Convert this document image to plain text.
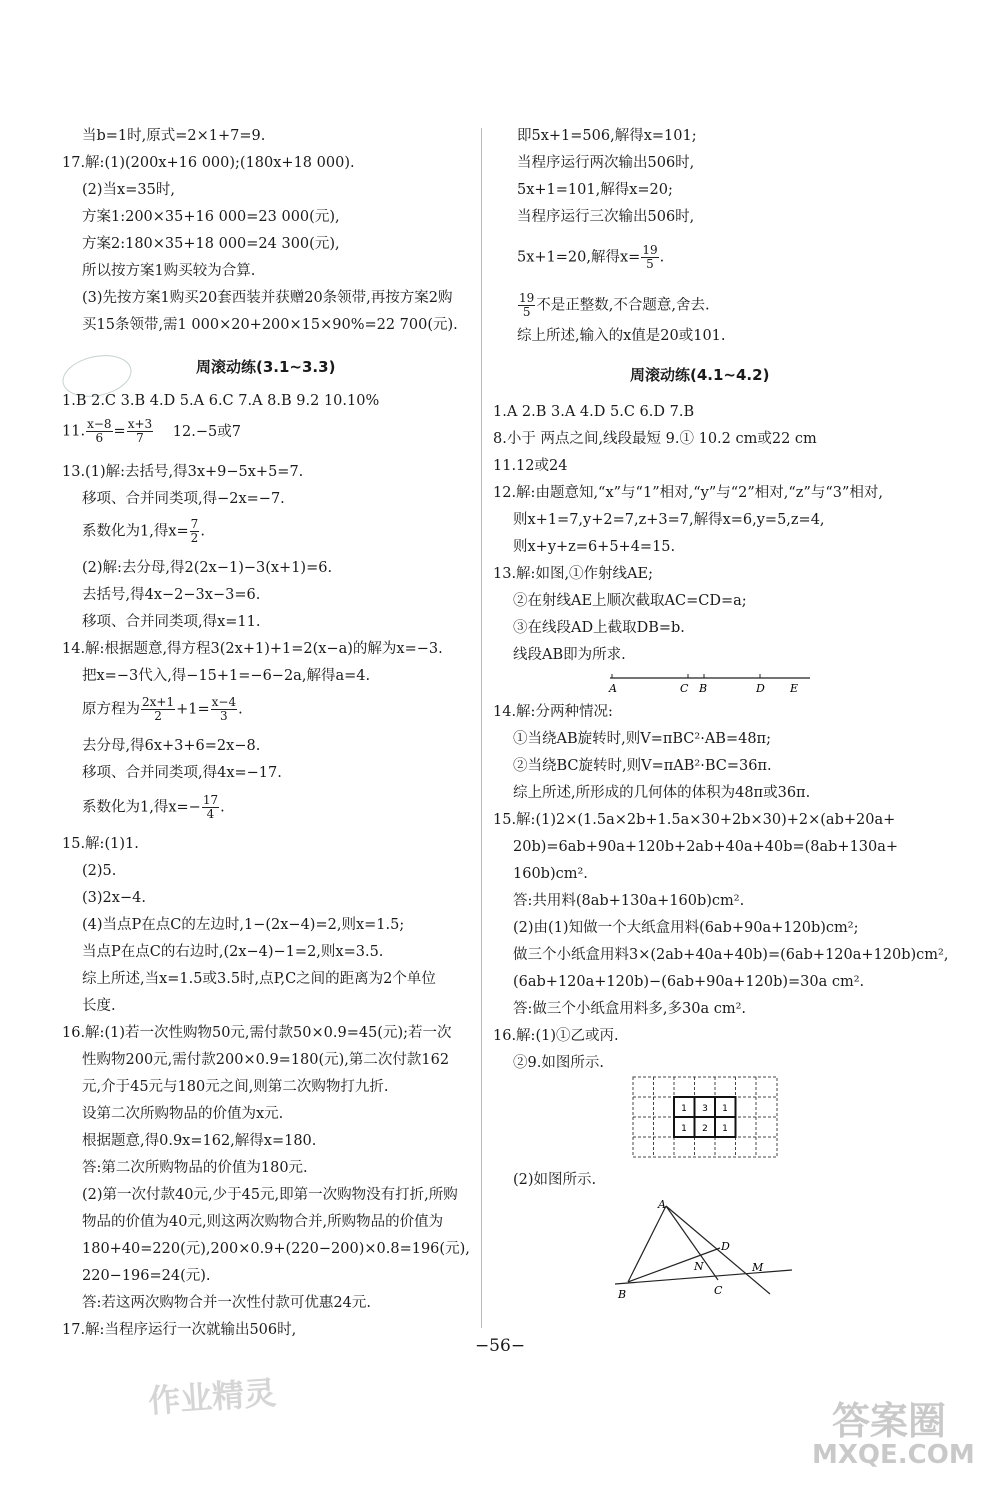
当b=1时,原式=2×1+7=9.
17.解:(1)(200x+16 000);(180x+18 000).
(2)当x=35时,
方案1:200×35+16 000=23 000(元),
方案2:180×35+18 000=24 300(元),
所以按方案1购买较为合算.
(3)先按方案1购买20套西装并获赠20条领带,再按方案2购
买15条领带,需1 000×20+200×15×90%=22 700(元).
周滚动练(3.1~3.3)
1.B 2.C 3.B 4.D 5.A 6.C 7.A 8.B 9.2 10.10%
11. $\frac{x-8}{6} = \frac{x+3}{7} 12.-5$或7
13.(1)解:去括号,得3x+9−5x+5=7.
移项、合并同类项,得−2x=−7.
系数化为1,得$x= \frac{7}{2}$ .
(2)解:去分母,得2(2x−1)−3(x+1)=6.
去括号,得4x−2−3x−3=6.
移项、合并同类项,得x=11.
14.解:根据题意,得方程3(2x+1)+1=2(x−a)的解为x=−3.
把x=−3代入,得−15+1=−6−2a,解得a=4.
原方程为 $\frac{2x+1}{2} +1= \frac{x-4}{3}$ .
去分母,得6x+3+6=2x−8.
移项、合并同类项,得4x=−17.
系数化为1,得$x=- \frac{17}{4}$ .
15.解:(1)1.
(2)5.
(3)2x−4.
(4)当点P在点C的左边时,1−(2x−4)=2,则x=1.5;
当点P在点C的右边时,(2x−4)−1=2,则x=3.5.
综上所述,当x=1.5或3.5时,点P,C之间的距离为2个单位
长度.
16.解:(1)若一次性购物50元,需付款50×0.9=45(元);若一次
性购物200元,需付款200×0.9=180(元),第二次付款162
元,介于45元与180元之间,则第二次购物打九折.
设第二次所购物品的价值为x元.
根据题意,得0.9x=162,解得x=180.
答:第二次所购物品的价值为180元.
(2)第一次付款40元,少于45元,即第一次购物没有打折,所购
物品的价值为40元,则这两次购物合并,所购物品的价值为
180+40=220(元),200×0.9+(220−200)×0.8=196(元),
220−196=24(元).
答:若这两次购物合并一次性付款可优惠24元.
17.解:当程序运行一次就输出506时,
即5x+1=506,解得x=101;
当程序运行两次输出506时,
5x+1=101,解得x=20;
当程序运行三次输出506时,
5x+1=20,解得$x= \frac{19}{5}$ .
$\frac{19}{5}$ 不是正整数,不合题意,舍去.
综上所述,输入的x值是20或101.
周滚动练(4.1~4.2)
1.A 2.B 3.A 4.D 5.C 6.D 7.B
8.小于 两点之间,线段最短 9.① 10.2 cm或22 cm
11.12或24
12.解:由题意知,“x”与“1”相对,“y”与“2”相对,“z”与“3”相对,
则x+1=7,y+2=7,z+3=7,解得x=6,y=5,z=4,
则x+y+z=6+5+4=15.
13.解:如图,①作射线AE;
②在射线AE上顺次截取AC=CD=a;
③在线段AD上截取DB=b.
线段AB即为所求.
A	C B	D E
14.解:分两种情况:
①当绕AB旋转时,则V=πBC²·AB=48π;
②当绕BC旋转时,则V=πAB²·BC=36π.
综上所述,所形成的几何体的体积为48π或36π.
15.解:(1)2×(1.5a×2b+1.5a×30+2b×30)+2×(ab+20a+
20b)=6ab+90a+120b+2ab+40a+40b=(8ab+130a+
160b)cm².
答:共用料(8ab+130a+160b)cm².
(2)由(1)知做一个大纸盒用料(6ab+90a+120b)cm²;
做三个小纸盒用料3×(2ab+40a+40b)=(6ab+120a+120b)cm²,
(6ab+120a+120b)−(6ab+90a+120b)=30a cm².
答:做三个小纸盒用料多,多30a cm².
16.解:(1)①乙或丙.
②9.如图所示.
1 3 1
1 2 1
(2)如图所示.
A
D
N	M
B	C
−56−
作业精灵
答案圈
MXQE.COM
